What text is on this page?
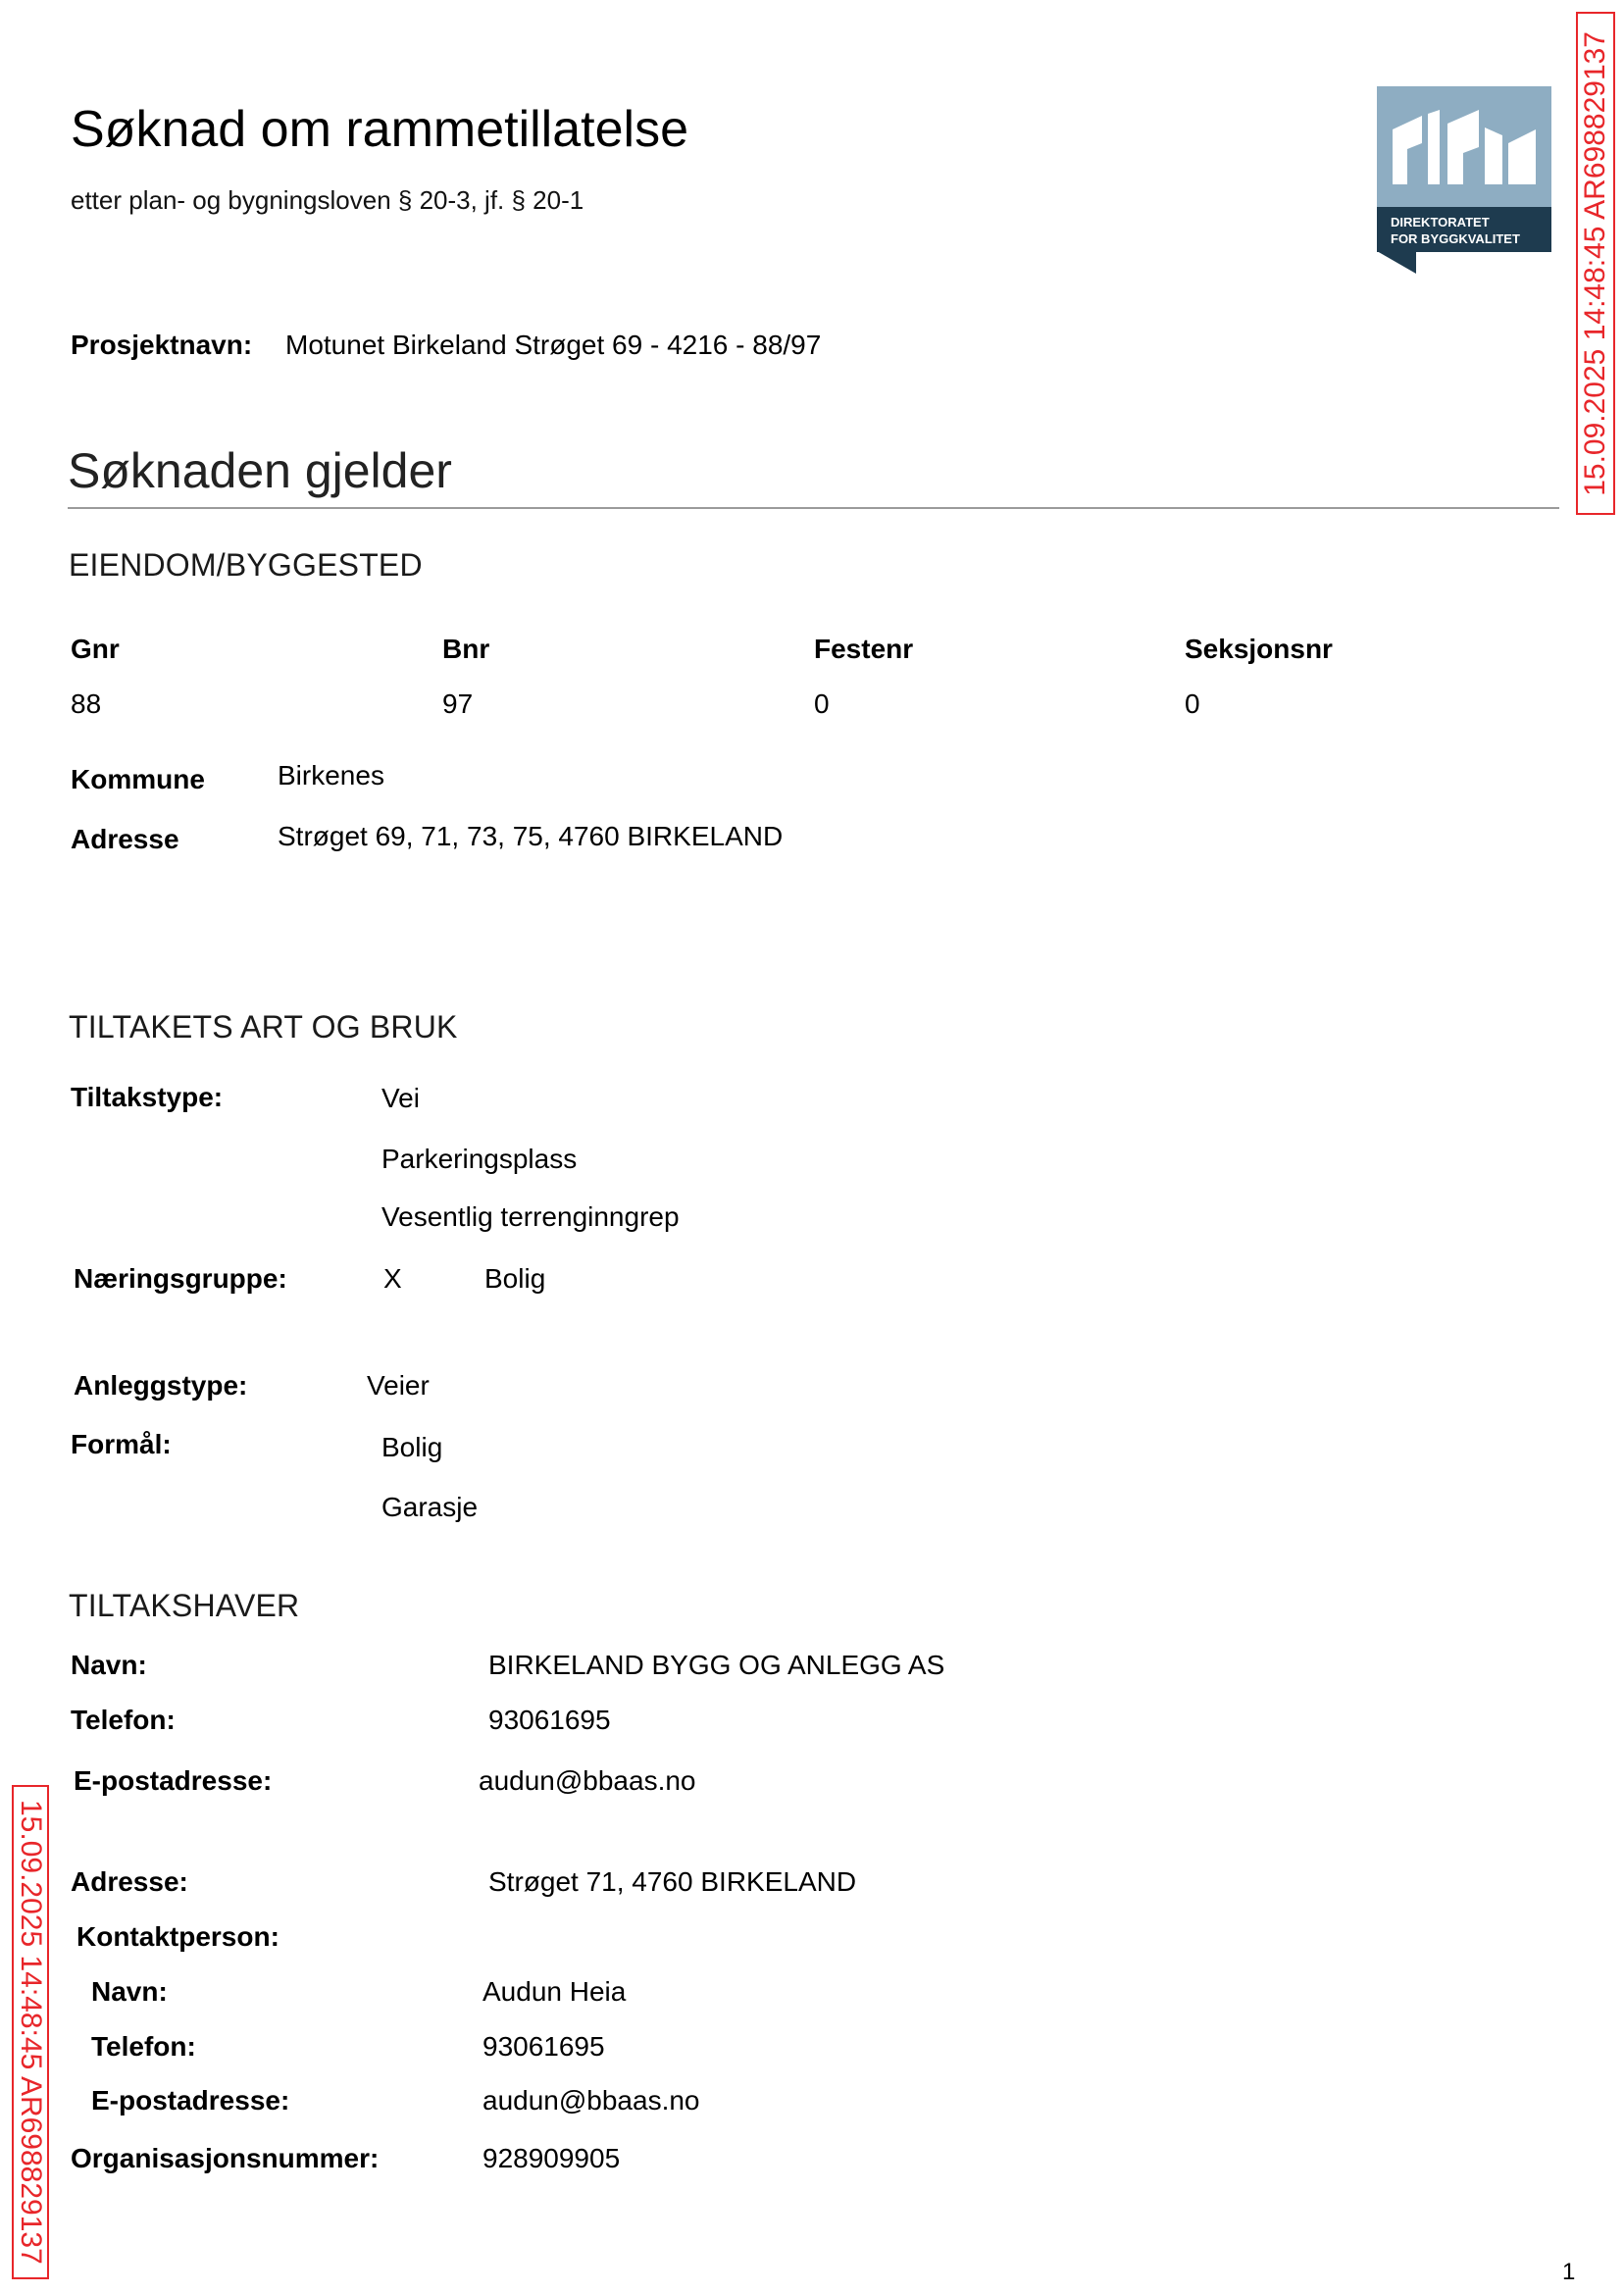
Søknad om rammetillatelse
etter plan- og bygningsloven § 20-3, jf. § 20-1
DIREKTORATET
FOR BYGGKVALITET 15.09.2025 14:48:45 AR698829137
15.09.2025 14:48:45 AR698829137
Prosjektnavn: Motunet Birkeland Strøget 69 - 4216 - 88/97
Søknaden gjelder
EIENDOM/BYGGESTED
Gnr	Bnr	Festenr	Seksjonsnr
88	97	0	0
Kommune	Birkenes
Adresse	Strøget 69, 71, 73, 75, 4760 BIRKELAND
TILTAKETS ART OG BRUK
Tiltakstype:	Vei
Parkeringsplass
Vesentlig terrenginngrep
Næringsgruppe:	X	Bolig
Anleggstype:	Veier
Formål:	Bolig
Garasje
TILTAKSHAVER
Navn:	BIRKELAND BYGG OG ANLEGG AS
Telefon:	93061695
E-postadresse:	audun@bbaas.no
Adresse:	Strøget 71, 4760 BIRKELAND
Kontaktperson:
Navn:	Audun Heia
Telefon:	93061695
E-postadresse:	audun@bbaas.no
Organisasjonsnummer:	928909905
1
